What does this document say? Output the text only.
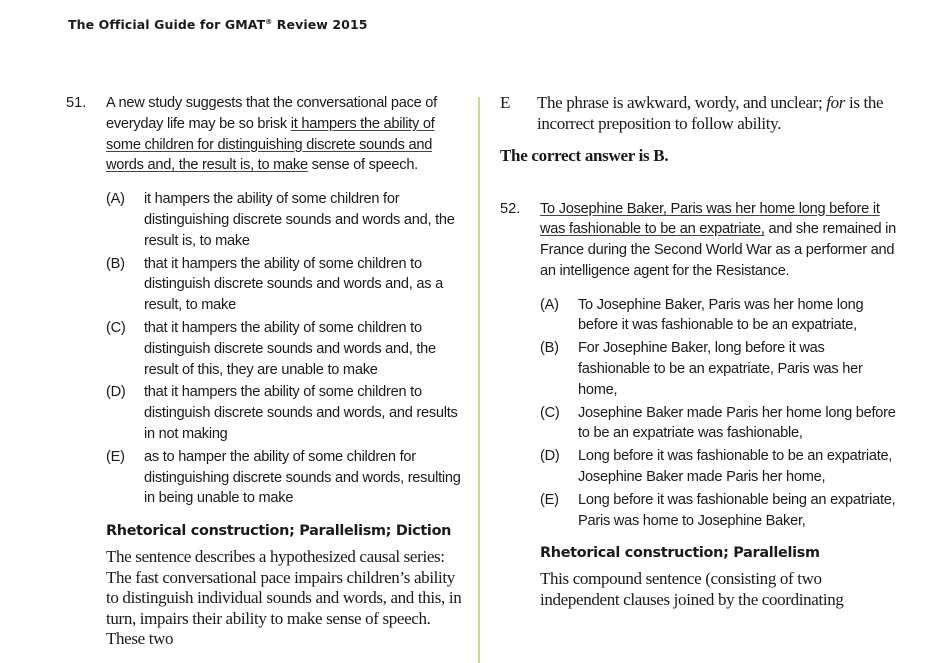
The Official Guide for GMAT® Review 2015
51. A new study suggests that the conversational pace of everyday life may be so brisk it hampers the ability of some children for distinguishing discrete sounds and words and, the result is, to make sense of speech.
(A) it hampers the ability of some children for distinguishing discrete sounds and words and, the result is, to make
(B) that it hampers the ability of some children to distinguish discrete sounds and words and, as a result, to make
(C) that it hampers the ability of some children to distinguish discrete sounds and words and, the result of this, they are unable to make
(D) that it hampers the ability of some children to distinguish discrete sounds and words, and results in not making
(E) as to hamper the ability of some children for distinguishing discrete sounds and words, resulting in being unable to make
Rhetorical construction; Parallelism; Diction
The sentence describes a hypothesized causal series: The fast conversational pace impairs children’s ability to distinguish individual sounds and words, and this, in turn, impairs their ability to make sense of speech. These two
E The phrase is awkward, wordy, and unclear; for is the incorrect preposition to follow ability.
The correct answer is B.
52. To Josephine Baker, Paris was her home long before it was fashionable to be an expatriate, and she remained in France during the Second World War as a performer and an intelligence agent for the Resistance.
(A) To Josephine Baker, Paris was her home long before it was fashionable to be an expatriate,
(B) For Josephine Baker, long before it was fashionable to be an expatriate, Paris was her home,
(C) Josephine Baker made Paris her home long before to be an expatriate was fashionable,
(D) Long before it was fashionable to be an expatriate, Josephine Baker made Paris her home,
(E) Long before it was fashionable being an expatriate, Paris was home to Josephine Baker,
Rhetorical construction; Parallelism
This compound sentence (consisting of two independent clauses joined by the coordinating
